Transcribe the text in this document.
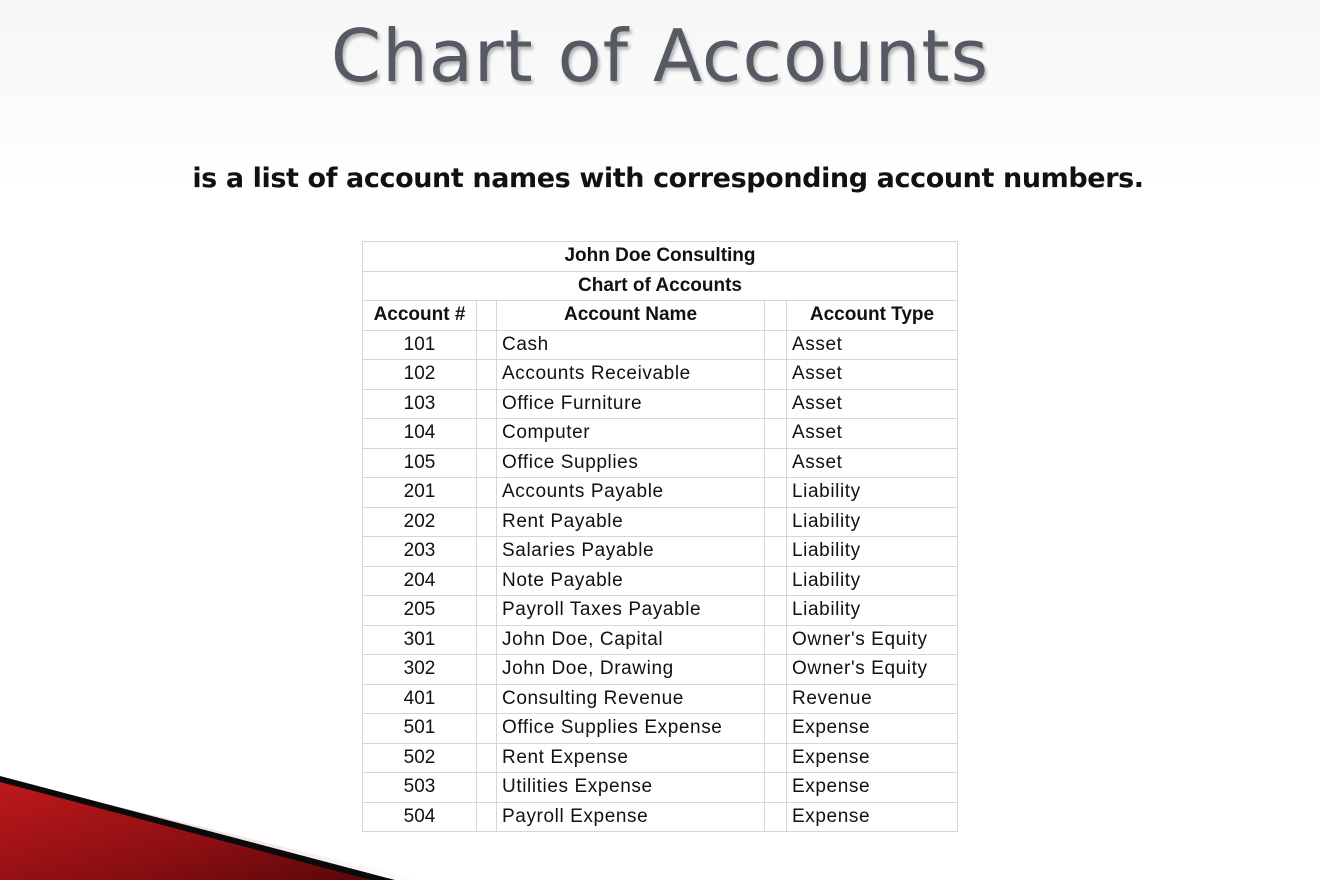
Chart of Accounts
is a list of account names with corresponding account numbers.
John Doe Consulting				
Chart of Accounts				
Account #		Account Name		Account Type
101		Cash		Asset
102		Accounts Receivable		Asset
103		Office Furniture		Asset
104		Computer		Asset
105		Office Supplies		Asset
201		Accounts Payable		Liability
202		Rent Payable		Liability
203		Salaries Payable		Liability
204		Note Payable		Liability
205		Payroll Taxes Payable		Liability
301		John Doe, Capital		Owner's Equity
302		John Doe, Drawing		Owner's Equity
401		Consulting Revenue		Revenue
501		Office Supplies Expense		Expense
502		Rent Expense		Expense
503		Utilities Expense		Expense
504		Payroll Expense		Expense
